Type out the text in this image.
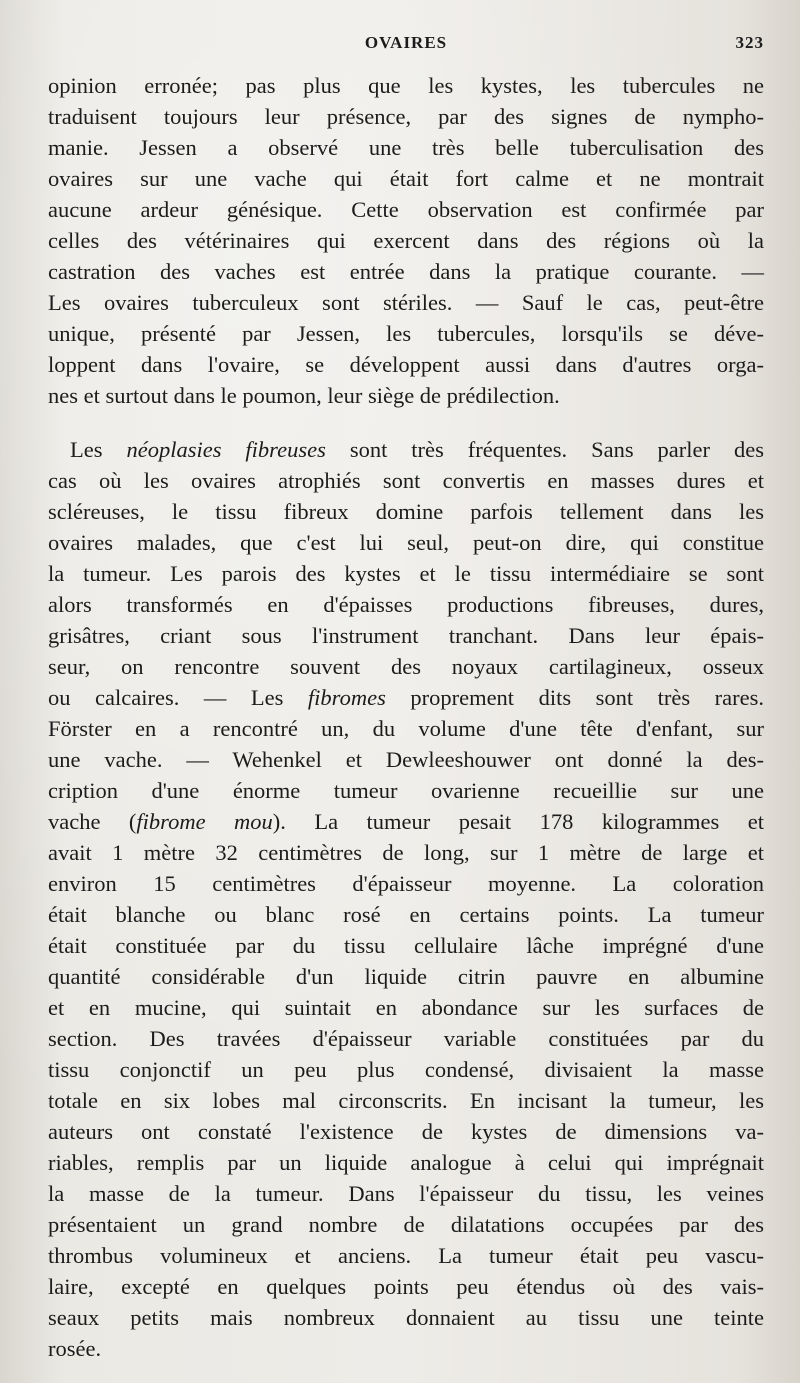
OVAIRES	323

opinion erronée; pas plus que les kystes, les tubercules ne
traduisent toujours leur présence, par des signes de nympho-
manie. Jessen a observé une très belle tuberculisation des
ovaires sur une vache qui était fort calme et ne montrait
aucune ardeur génésique. Cette observation est confirmée par
celles des vétérinaires qui exercent dans des régions où la
castration des vaches est entrée dans la pratique courante. —
Les ovaires tuberculeux sont stériles. — Sauf le cas, peut-être
unique, présenté par Jessen, les tubercules, lorsqu'ils se déve-
loppent dans l'ovaire, se développent aussi dans d'autres orga-
nes et surtout dans le poumon, leur siège de prédilection.

Les néoplasies fibreuses sont très fréquentes. Sans parler des
cas où les ovaires atrophiés sont convertis en masses dures et
scléreuses, le tissu fibreux domine parfois tellement dans les
ovaires malades, que c'est lui seul, peut-on dire, qui constitue
la tumeur. Les parois des kystes et le tissu intermédiaire se sont
alors transformés en d'épaisses productions fibreuses, dures,
grisâtres, criant sous l'instrument tranchant. Dans leur épais-
seur, on rencontre souvent des noyaux cartilagineux, osseux
ou calcaires. — Les fibromes proprement dits sont très rares.
Förster en a rencontré un, du volume d'une tête d'enfant, sur
une vache. — Wehenkel et Dewleeshouwer ont donné la des-
cription d'une énorme tumeur ovarienne recueillie sur une
vache (fibrome mou). La tumeur pesait 178 kilogrammes et
avait 1 mètre 32 centimètres de long, sur 1 mètre de large et
environ 15 centimètres d'épaisseur moyenne. La coloration
était blanche ou blanc rosé en certains points. La tumeur
était constituée par du tissu cellulaire lâche imprégné d'une
quantité considérable d'un liquide citrin pauvre en albumine
et en mucine, qui suintait en abondance sur les surfaces de
section. Des travées d'épaisseur variable constituées par du
tissu conjonctif un peu plus condensé, divisaient la masse
totale en six lobes mal circonscrits. En incisant la tumeur, les
auteurs ont constaté l'existence de kystes de dimensions va-
riables, remplis par un liquide analogue à celui qui imprégnait
la masse de la tumeur. Dans l'épaisseur du tissu, les veines
présentaient un grand nombre de dilatations occupées par des
thrombus volumineux et anciens. La tumeur était peu vascu-
laire, excepté en quelques points peu étendus où des vais-
seaux petits mais nombreux donnaient au tissu une teinte
rosée.
